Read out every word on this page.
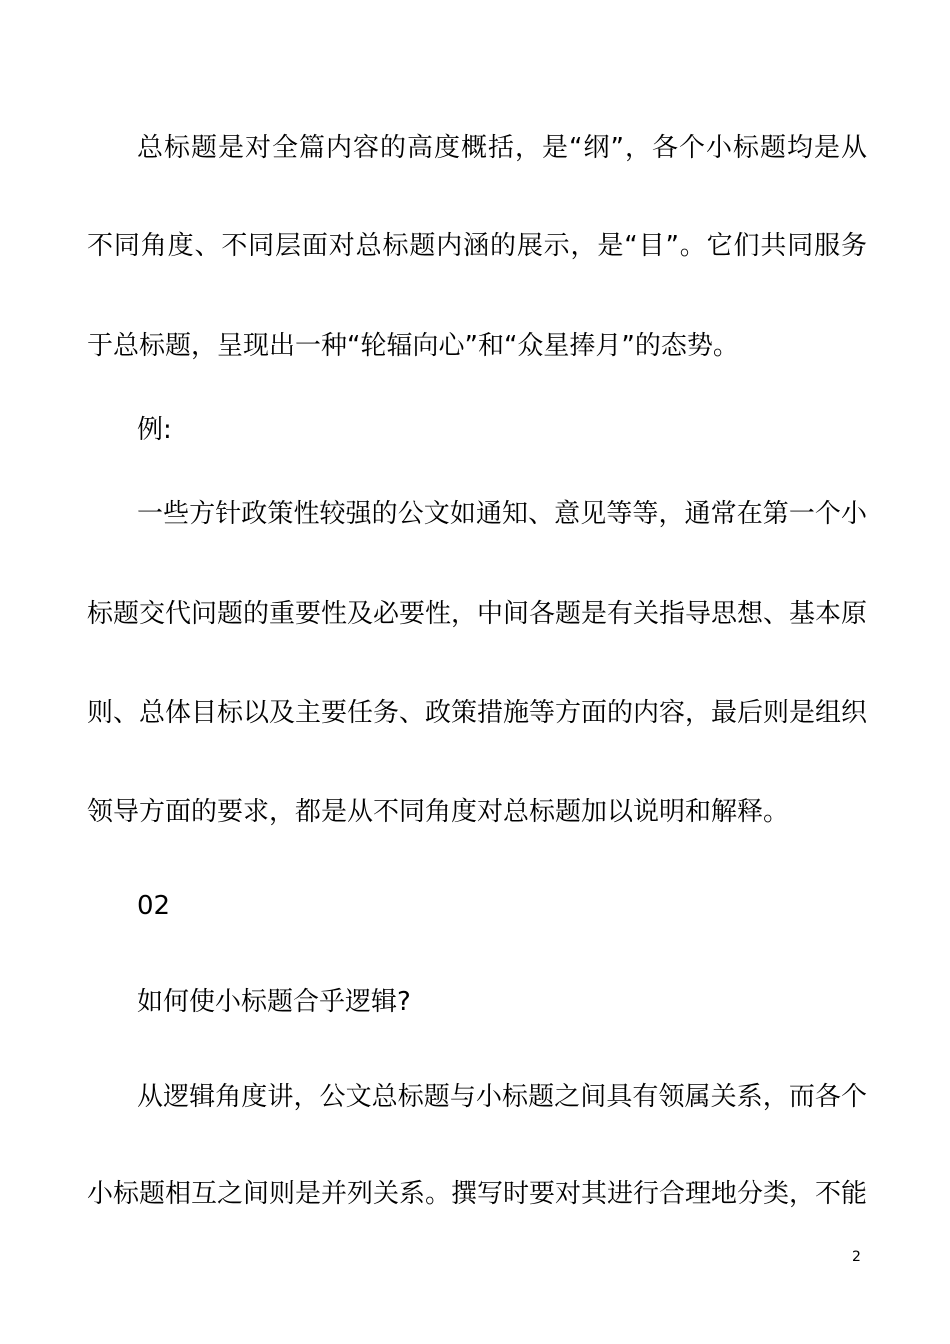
总标题是对全篇内容的高度概括，是“纲”，各个小标题均是从
不同角度、不同层面对总标题内涵的展示，是“目”。它们共同服务
于总标题，呈现出一种“轮辐向心”和“众星捧月”的态势。
例:
一些方针政策性较强的公文如通知、意见等等，通常在第一个小
标题交代问题的重要性及必要性，中间各题是有关指导思想、基本原
则、总体目标以及主要任务、政策措施等方面的内容，最后则是组织
领导方面的要求，都是从不同角度对总标题加以说明和解释。
02
如何使小标题合乎逻辑?
从逻辑角度讲，公文总标题与小标题之间具有领属关系，而各个
小标题相互之间则是并列关系。撰写时要对其进行合理地分类，不能
2
